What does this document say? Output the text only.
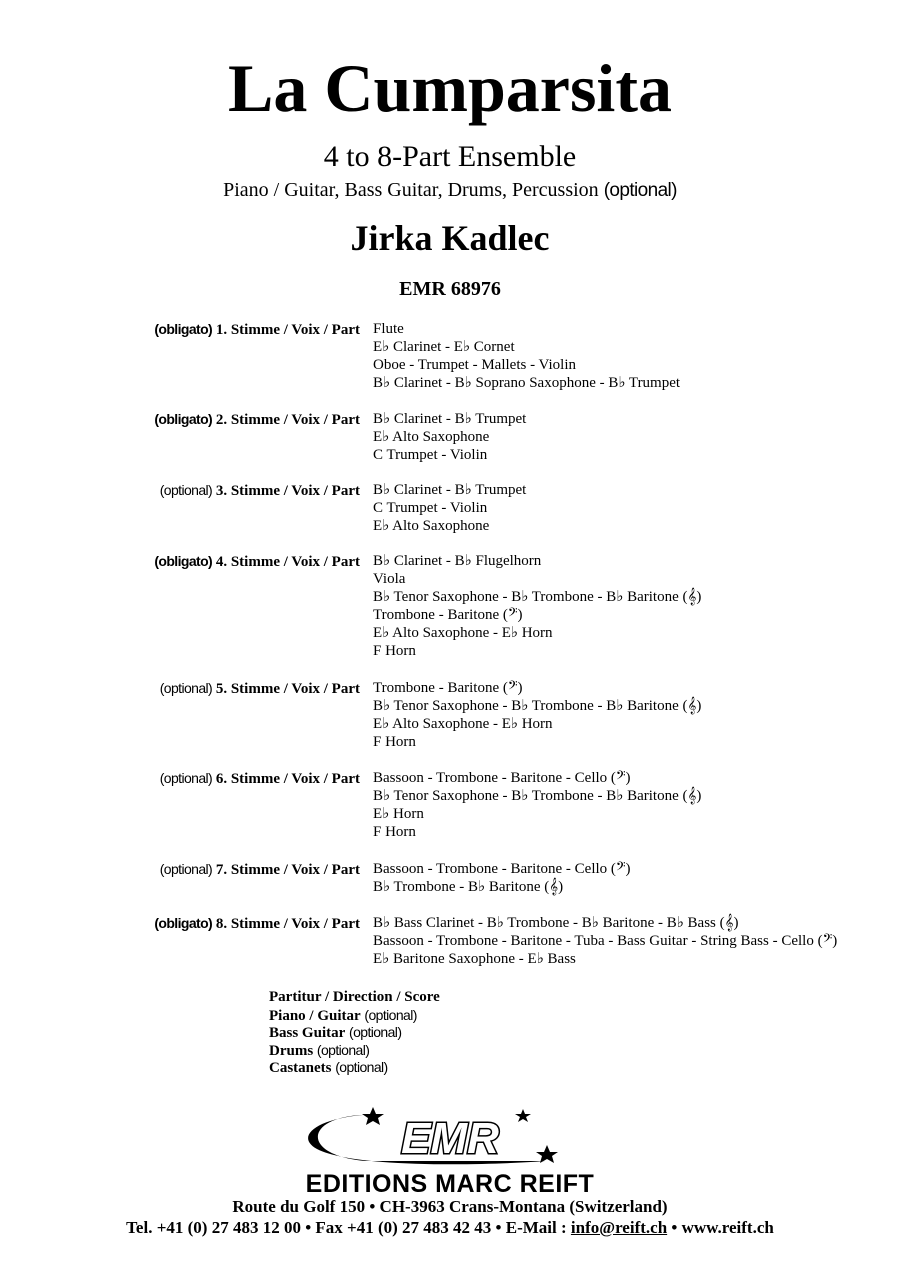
La Cumparsita
4 to 8-Part Ensemble
Piano / Guitar, Bass Guitar, Drums, Percussion (optional)
Jirka Kadlec
EMR 68976
(obligato) 1. Stimme / Voix / Part Flute
E♭ Clarinet - E♭ Cornet
Oboe - Trumpet - Mallets - Violin
B♭ Clarinet - B♭ Soprano Saxophone - B♭ Trumpet
(obligato) 2. Stimme / Voix / Part B♭ Clarinet - B♭ Trumpet
E♭ Alto Saxophone
C Trumpet - Violin
(optional) 3. Stimme / Voix / Part B♭ Clarinet - B♭ Trumpet
C Trumpet - Violin
E♭ Alto Saxophone
(obligato) 4. Stimme / Voix / Part B♭ Clarinet - B♭ Flugelhorn
Viola
B♭ Tenor Saxophone - B♭ Trombone - B♭ Baritone (𝄞)
Trombone - Baritone (𝄢)
E♭ Alto Saxophone - E♭ Horn
F Horn
(optional) 5. Stimme / Voix / Part Trombone - Baritone (𝄢)
B♭ Tenor Saxophone - B♭ Trombone - B♭ Baritone (𝄞)
E♭ Alto Saxophone - E♭ Horn
F Horn
(optional) 6. Stimme / Voix / Part Bassoon - Trombone - Baritone - Cello (𝄢)
B♭ Tenor Saxophone - B♭ Trombone - B♭ Baritone (𝄞)
E♭ Horn
F Horn
(optional) 7. Stimme / Voix / Part Bassoon - Trombone - Baritone - Cello (𝄢)
B♭ Trombone - B♭ Baritone (𝄞)
(obligato) 8. Stimme / Voix / Part B♭ Bass Clarinet - B♭ Trombone - B♭ Baritone - B♭ Bass (𝄞)
Bassoon - Trombone - Baritone - Tuba - Bass Guitar - String Bass - Cello (𝄢)
E♭ Baritone Saxophone - E♭ Bass
Partitur / Direction / Score
Piano / Guitar (optional)
Bass Guitar (optional)
Drums (optional)
Castanets (optional)
EMR
EDITIONS MARC REIFT
Route du Golf 150 • CH-3963 Crans-Montana (Switzerland)
Tel. +41 (0) 27 483 12 00 • Fax +41 (0) 27 483 42 43 • E-Mail : info@reift.ch • www.reift.ch
